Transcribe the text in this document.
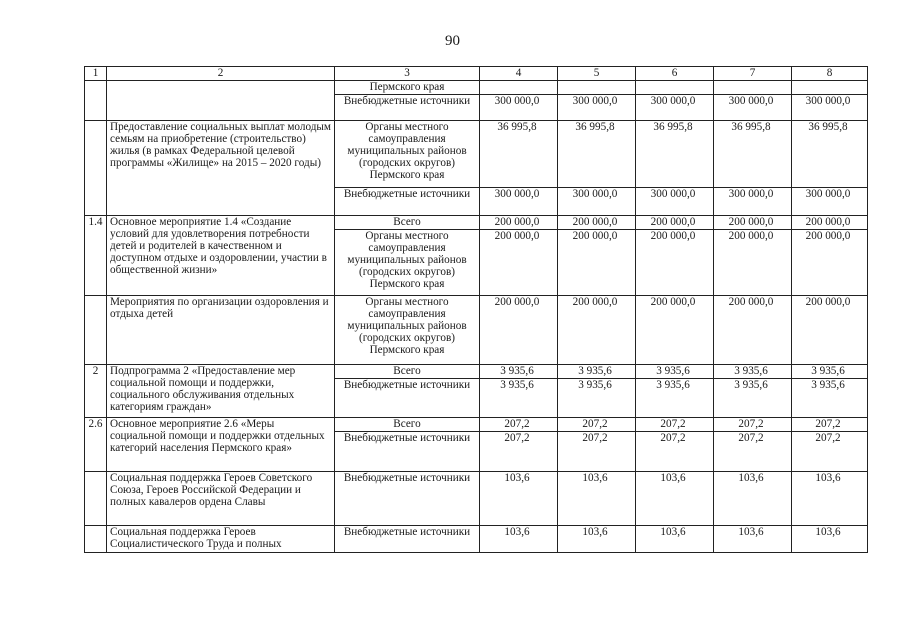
90
1	2	3	4	5	6	7	8
		Пермского края					
		Внебюджетные источники	300 000,0	300 000,0	300 000,0	300 000,0	300 000,0
	Предоставление социальных выплат молодым семьям на приобретение (строительство) жилья (в рамках Федеральной целевой программы «Жилище» на 2015 – 2020 годы)	Органы местного самоуправления муниципальных районов (городских округов) Пермского края	36 995,8	36 995,8	36 995,8	36 995,8	36 995,8
		Внебюджетные источники	300 000,0	300 000,0	300 000,0	300 000,0	300 000,0
1.4	Основное мероприятие 1.4 «Создание условий для удовлетворения потребности детей и родителей в качественном и доступном отдыхе и оздоровлении, участии в общественной жизни»	Всего	200 000,0	200 000,0	200 000,0	200 000,0	200 000,0
		Органы местного самоуправления муниципальных районов (городских округов) Пермского края	200 000,0	200 000,0	200 000,0	200 000,0	200 000,0
	Мероприятия по организации оздоровления и отдыха детей	Органы местного самоуправления муниципальных районов (городских округов) Пермского края	200 000,0	200 000,0	200 000,0	200 000,0	200 000,0
2	Подпрограмма 2 «Предоставление мер социальной помощи и поддержки, социального обслуживания отдельных категориям граждан»	Всего	3 935,6	3 935,6	3 935,6	3 935,6	3 935,6
		Внебюджетные источники	3 935,6	3 935,6	3 935,6	3 935,6	3 935,6
2.6	Основное мероприятие 2.6 «Меры социальной помощи и поддержки отдельных категорий населения Пермского края»	Всего	207,2	207,2	207,2	207,2	207,2
		Внебюджетные источники	207,2	207,2	207,2	207,2	207,2
	Социальная поддержка Героев Советского Союза, Героев Российской Федерации и полных кавалеров ордена Славы	Внебюджетные источники	103,6	103,6	103,6	103,6	103,6
	Социальная поддержка Героев Социалистического Труда и полных	Внебюджетные источники	103,6	103,6	103,6	103,6	103,6
